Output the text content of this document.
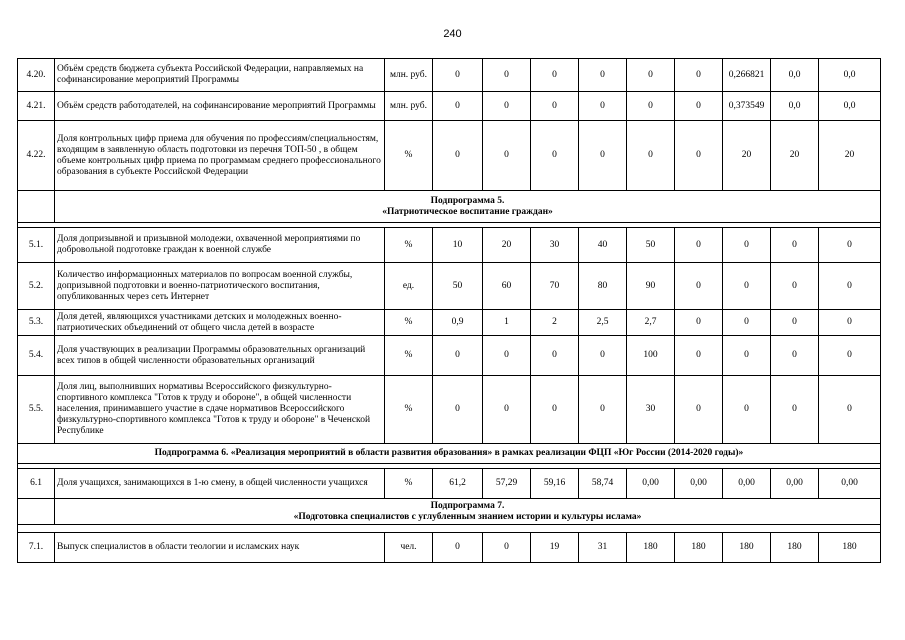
240
4.20.	Объём средств бюджета субъекта Российской Федерации, направляемых на софинансирование мероприятий Программы	млн. руб.	0	0	0	0	0	0	0,266821	0,0	0,0
4.21.	Объём средств работодателей, на софинансирование мероприятий Программы	млн. руб.	0	0	0	0	0	0	0,373549	0,0	0,0
4.22.	Доля контрольных цифр приема для обучения по профессиям/специальностям, входящим в заявленную область подготовки из перечня ТОП-50 , в общем объеме контрольных цифр приема по программам среднего профессионального образования в субъекте Российской Федерации	%	0	0	0	0	0	0	20	20	20

	Подпрограмма 5.
«Патриотическое воспитание граждан»										

5.1.	Доля допризывной и призывной молодежи, охваченной мероприятиями по добровольной подготовке граждан к военной службе	%	10	20	30	40	50	0	0	0	0
5.2.	Количество информационных материалов по вопросам военной службы, допризывной подготовки и военно-патриотического воспитания, опубликованных через сеть Интернет	ед.	50	60	70	80	90	0	0	0	0
5.3.	Доля детей, являющихся участниками детских и молодежных военно-патриотических объединений от общего числа детей в возрасте	%	0,9	1	2	2,5	2,7	0	0	0	0
5.4.	Доля участвующих в реализации Программы образовательных организаций всех типов в общей численности образовательных организаций	%	0	0	0	0	100	0	0	0	0
5.5.	Доля лиц, выполнивших нормативы Всероссийского физкультурно-спортивного комплекса "Готов к труду и обороне", в общей численности населения, принимавшего участие в сдаче нормативов Всероссийского физкультурно-спортивного комплекса "Готов к труду и обороне" в Чеченской Республике	%	0	0	0	0	30	0	0	0	0
Подпрограмма 6. «Реализация мероприятий в области развития образования» в рамках реализации ФЦП «Юг России (2014-2020 годы)»											

6.1	Доля учащихся, занимающихся в 1-ю смену, в общей численности учащихся	%	61,2	57,29	59,16	58,74	0,00	0,00	0,00	0,00	0,00

	Подпрограмма 7.
«Подготовка специалистов с углубленным знанием истории и культуры ислама»										

7.1.	Выпуск специалистов в области теологии и исламских наук	чел.	0	0	19	31	180	180	180	180	180
